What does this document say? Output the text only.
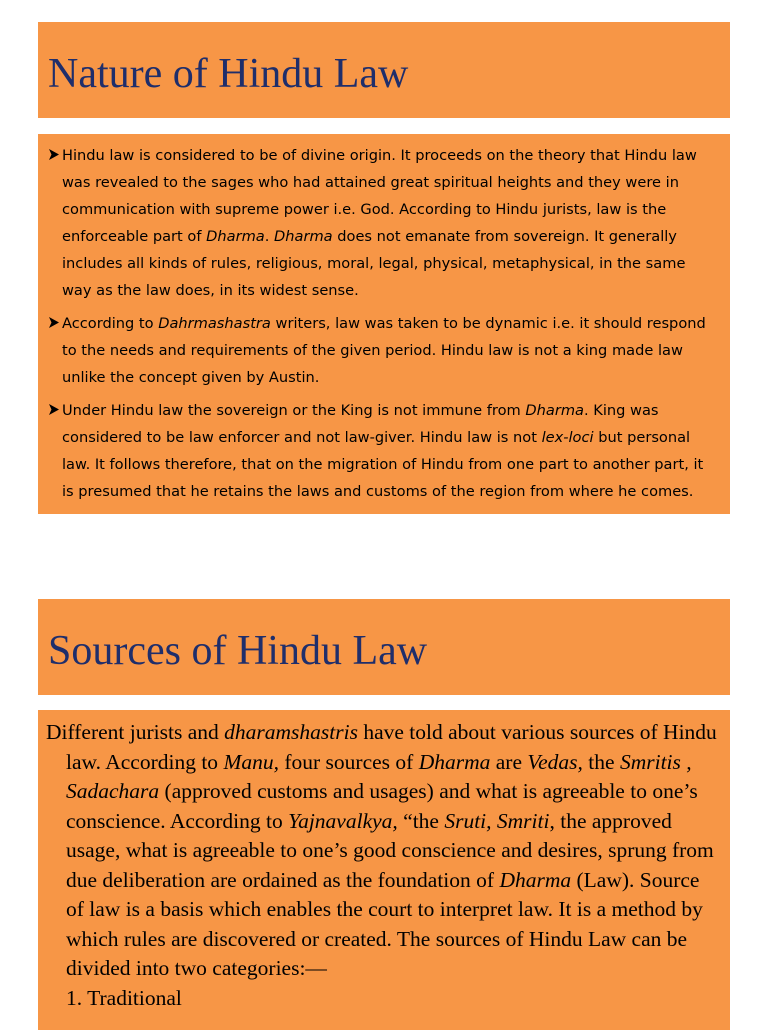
Nature of Hindu Law

Hindu law is considered to be of divine origin. It proceeds on the theory that Hindu law was revealed to the sages who had attained great spiritual heights and they were in communication with supreme power i.e. God. According to Hindu jurists, law is the enforceable part of Dharma. Dharma does not emanate from sovereign. It generally includes all kinds of rules, religious, moral, legal, physical, metaphysical, in the same way as the law does, in its widest sense.

According to Dahrmashastra writers, law was taken to be dynamic i.e. it should respond to the needs and requirements of the given period. Hindu law is not a king made law unlike the concept given by Austin.

Under Hindu law the sovereign or the King is not immune from Dharma. King was considered to be law enforcer and not law-giver. Hindu law is not lex-loci but personal law. It follows therefore, that on the migration of Hindu from one part to another part, it is presumed that he retains the laws and customs of the region from where he comes.

Sources of Hindu Law

Different jurists and dharamshastris have told about various sources of Hindu law. According to Manu, four sources of Dharma are Vedas, the Smritis , Sadachara (approved customs and usages) and what is agreeable to one’s conscience. According to Yajnavalkya, “the Sruti, Smriti, the approved usage, what is agreeable to one’s good conscience and desires, sprung from due deliberation are ordained as the foundation of Dharma (Law). Source of law is a basis which enables the court to interpret law. It is a method by which rules are discovered or created. The sources of Hindu Law can be divided into two categories:—

1. Traditional
